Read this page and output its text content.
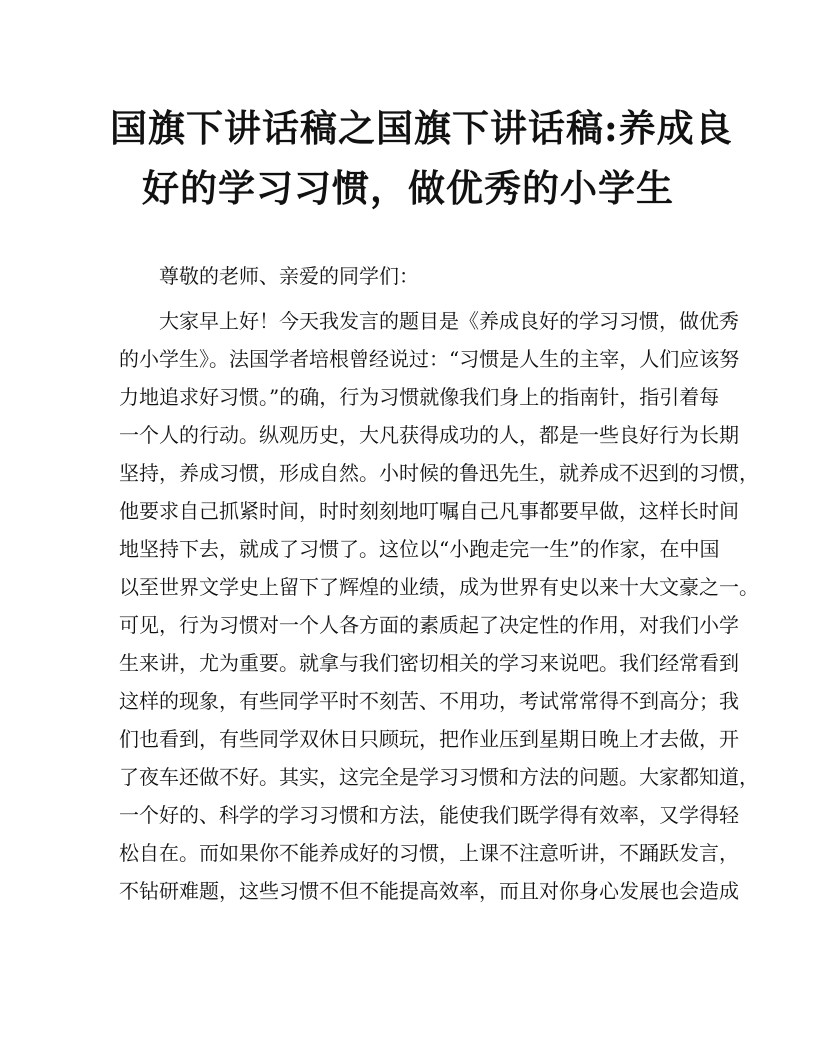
国旗下讲话稿之国旗下讲话稿:养成良
好的学习习惯，做优秀的小学生
尊敬的老师、亲爱的同学们：
大家早上好！今天我发言的题目是《养成良好的学习习惯，做优秀
的小学生》。法国学者培根曾经说过：“习惯是人生的主宰，人们应该努
力地追求好习惯。”的确，行为习惯就像我们身上的指南针，指引着每
一个人的行动。纵观历史，大凡获得成功的人，都是一些良好行为长期
坚持，养成习惯，形成自然。小时候的鲁迅先生，就养成不迟到的习惯，
他要求自己抓紧时间，时时刻刻地叮嘱自己凡事都要早做，这样长时间
地坚持下去，就成了习惯了。这位以“小跑走完一生”的作家，在中国
以至世界文学史上留下了辉煌的业绩，成为世界有史以来十大文豪之一。
可见，行为习惯对一个人各方面的素质起了决定性的作用，对我们小学
生来讲，尤为重要。就拿与我们密切相关的学习来说吧。我们经常看到
这样的现象，有些同学平时不刻苦、不用功，考试常常得不到高分；我
们也看到，有些同学双休日只顾玩，把作业压到星期日晚上才去做，开
了夜车还做不好。其实，这完全是学习习惯和方法的问题。大家都知道，
一个好的、科学的学习习惯和方法，能使我们既学得有效率，又学得轻
松自在。而如果你不能养成好的习惯，上课不注意听讲，不踊跃发言，
不钻研难题，这些习惯不但不能提高效率，而且对你身心发展也会造成
